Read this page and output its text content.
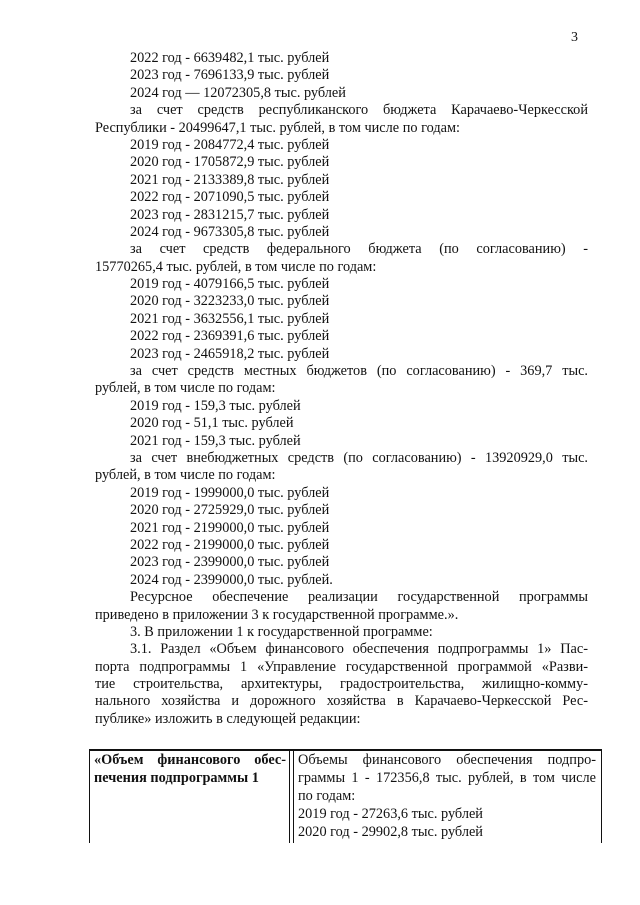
3
2022 год - 6639482,1 тыс. рублей
2023 год - 7696133,9 тыс. рублей
2024 год — 12072305,8 тыс. рублей
за счет средств республиканского бюджета Карачаево-Черкесской
Республики - 20499647,1 тыс. рублей, в том числе по годам:
2019 год - 2084772,4 тыс. рублей
2020 год - 1705872,9 тыс. рублей
2021 год - 2133389,8 тыс. рублей
2022 год - 2071090,5 тыс. рублей
2023 год - 2831215,7 тыс. рублей
2024 год - 9673305,8 тыс. рублей
за счет средств федерального бюджета (по согласованию) -
15770265,4 тыс. рублей, в том числе по годам:
2019 год - 4079166,5 тыс. рублей
2020 год - 3223233,0 тыс. рублей
2021 год - 3632556,1 тыс. рублей
2022 год - 2369391,6 тыс. рублей
2023 год - 2465918,2 тыс. рублей
за счет средств местных бюджетов (по согласованию) - 369,7 тыс.
рублей, в том числе по годам:
2019 год - 159,3 тыс. рублей
2020 год - 51,1 тыс. рублей
2021 год - 159,3 тыс. рублей
за счет внебюджетных средств (по согласованию) - 13920929,0 тыс.
рублей, в том числе по годам:
2019 год - 1999000,0 тыс. рублей
2020 год - 2725929,0 тыс. рублей
2021 год - 2199000,0 тыс. рублей
2022 год - 2199000,0 тыс. рублей
2023 год - 2399000,0 тыс. рублей
2024 год - 2399000,0 тыс. рублей.
Ресурсное обеспечение реализации государственной программы
приведено в приложении 3 к государственной программе.».
3. В приложении 1 к государственной программе:
3.1. Раздел «Объем финансового обеспечения подпрограммы 1» Пас-
порта подпрограммы 1 «Управление государственной программой «Разви-
тие строительства, архитектуры, градостроительства, жилищно-комму-
нального хозяйства и дорожного хозяйства в Карачаево-Черкесской Рес-
публике» изложить в следующей редакции:
«Объем финансового обес-
печения подпрограммы 1
Объемы финансового обеспечения подпро-
граммы 1 - 172356,8 тыс. рублей, в том числе
по годам:
2019 год - 27263,6 тыс. рублей
2020 год - 29902,8 тыс. рублей
